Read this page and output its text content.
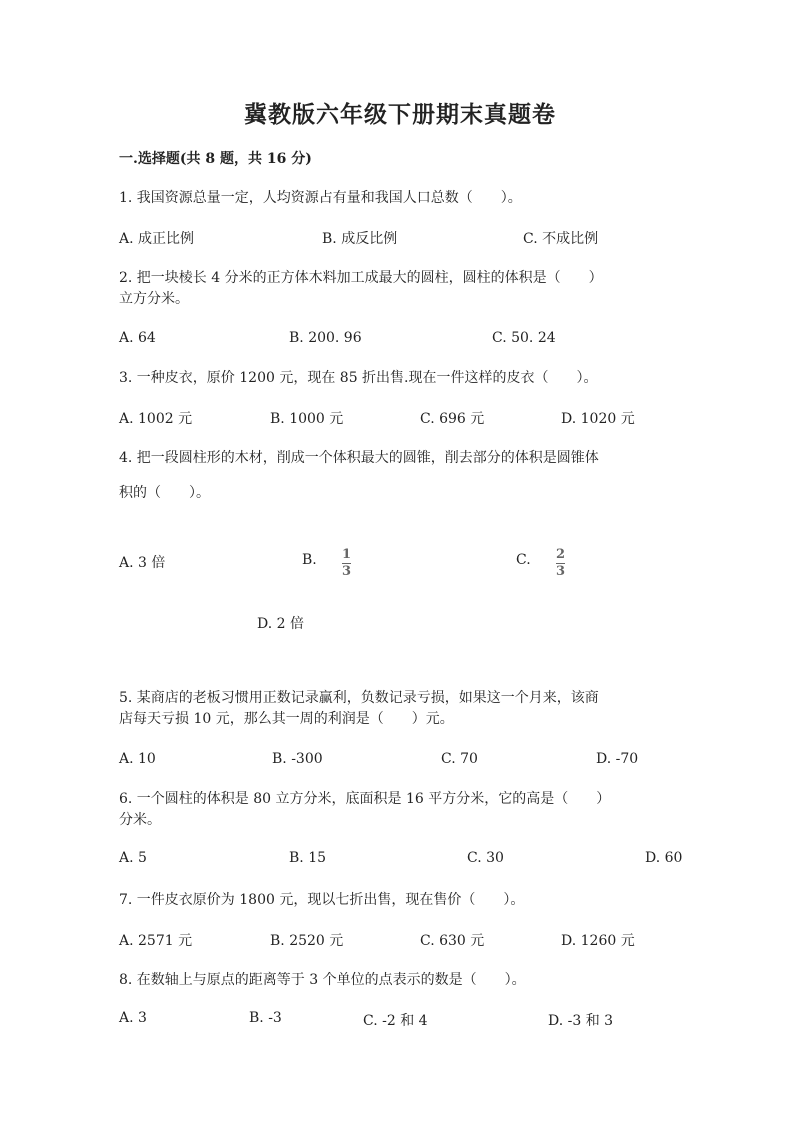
冀教版六年级下册期末真题卷
一.选择题(共 8 题，共 16 分)
1. 我国资源总量一定，人均资源占有量和我国人口总数（　　）。
A. 成正比例	B. 成反比例	C. 不成比例
2. 把一块棱长 4 分米的正方体木料加工成最大的圆柱，圆柱的体积是（　　）
立方分米。
A. 64	B. 200. 96	C. 50. 24
3. 一种皮衣，原价 1200 元，现在 85 折出售.现在一件这样的皮衣（　　）。
A. 1002 元	B. 1000 元	C. 696 元	D. 1020 元
4. 把一段圆柱形的木材，削成一个体积最大的圆锥，削去部分的体积是圆锥体
积的（　　）。
A. 3 倍	B. 1
3
C. 2
3
D. 2 倍
5. 某商店的老板习惯用正数记录赢利，负数记录亏损，如果这一个月来，该商
店每天亏损 10 元，那么其一周的利润是（　　）元。
A. 10	B. -300	C. 70	D. -70
6. 一个圆柱的体积是 80 立方分米，底面积是 16 平方分米，它的高是（　　）
分米。
A. 5	B. 15	C. 30	D. 60
7. 一件皮衣原价为 1800 元，现以七折出售，现在售价（　　）。
A. 2571 元	B. 2520 元	C. 630 元	D. 1260 元
8. 在数轴上与原点的距离等于 3 个单位的点表示的数是（　　）。
A. 3	B. -3	C. -2 和 4	D. -3 和 3
